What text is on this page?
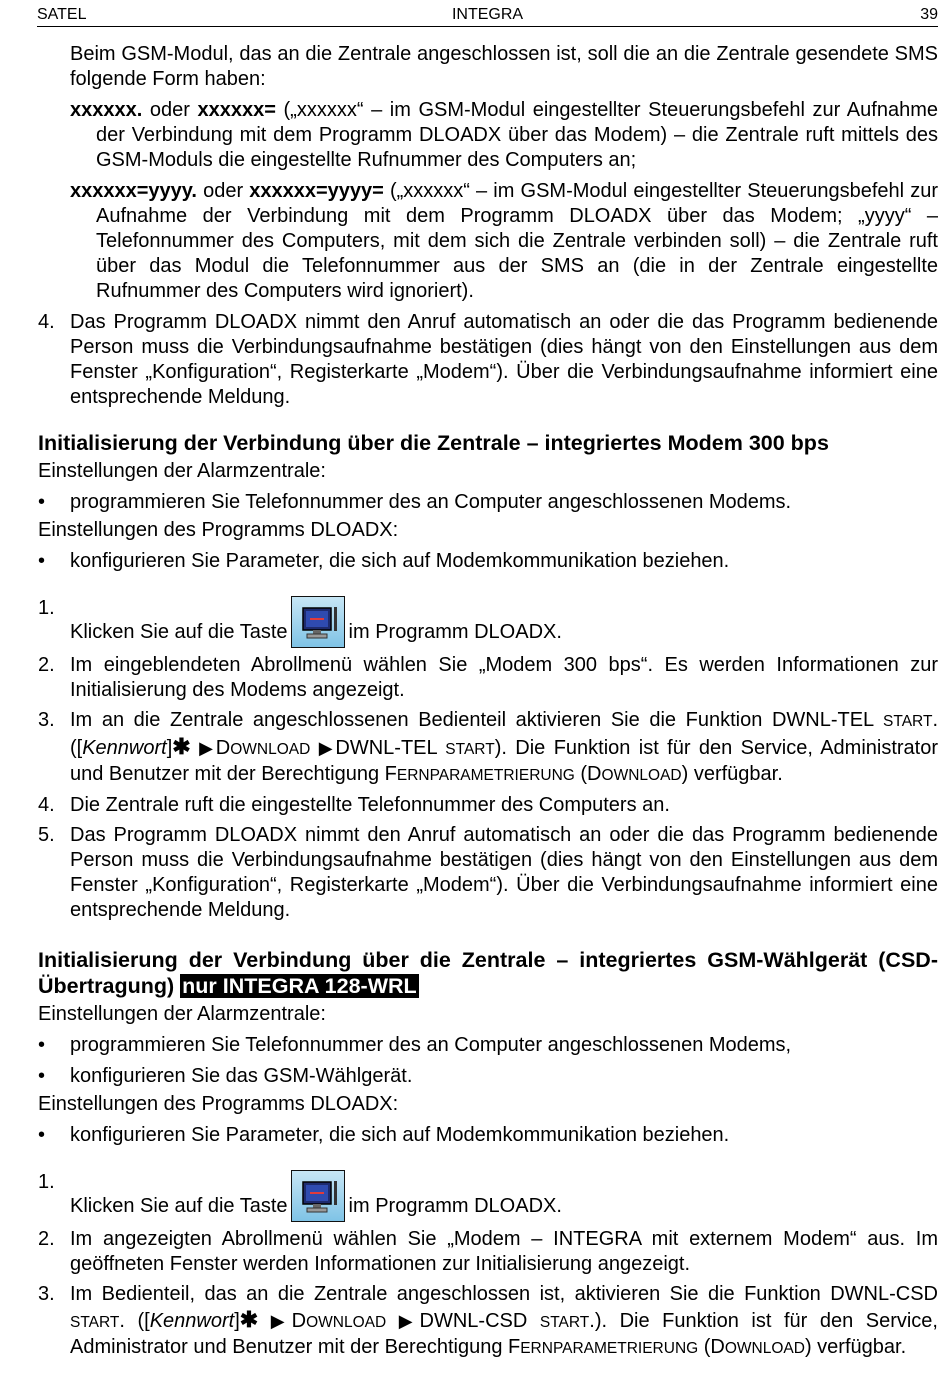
SATEL	INTEGRA	39

Beim GSM-Modul, das an die Zentrale angeschlossen ist, soll die an die Zentrale gesendete SMS folgende Form haben:

xxxxxx. oder xxxxxx= („xxxxxx“ – im GSM-Modul eingestellter Steuerungsbefehl zur Aufnahme der Verbindung mit dem Programm DLOADX über das Modem) – die Zentrale ruft mittels des GSM-Moduls die eingestellte Rufnummer des Computers an;

xxxxxx=yyyy. oder xxxxxx=yyyy= („xxxxxx“ – im GSM-Modul eingestellter Steuerungsbefehl zur Aufnahme der Verbindung mit dem Programm DLOADX über das Modem; „yyyy“ – Telefonnummer des Computers, mit dem sich die Zentrale verbinden soll) – die Zentrale ruft über das Modul die Telefonnummer aus der SMS an (die in der Zentrale eingestellte Rufnummer des Computers wird ignoriert).

4. Das Programm DLOADX nimmt den Anruf automatisch an oder die das Programm bedienende Person muss die Verbindungsaufnahme bestätigen (dies hängt von den Einstellungen aus dem Fenster „Konfiguration“, Registerkarte „Modem“). Über die Verbindungsaufnahme informiert eine entsprechende Meldung.
Initialisierung der Verbindung über die Zentrale – integriertes Modem 300 bps

Einstellungen der Alarmzentrale:

•	programmieren Sie Telefonnummer des an Computer angeschlossenen Modems.

Einstellungen des Programms DLOADX:

•	konfigurieren Sie Parameter, die sich auf Modemkommunikation beziehen.
1.
Klicken Sie auf die Taste	im Programm DLOADX.
2. Im eingeblendeten Abrollmenü wählen Sie „Modem 300 bps“. Es werden Informationen zur Initialisierung des Modems angezeigt.
3. Im an die Zentrale angeschlossenen Bedienteil aktivieren Sie die Funktion DWNL-TEL START. ([Kennwort]✱ ▶DOWNLOAD ▶DWNL-TEL START). Die Funktion ist für den Service, Administrator und Benutzer mit der Berechtigung FERNPARAMETRIERUNG (DOWNLOAD) verfügbar.
4. Die Zentrale ruft die eingestellte Telefonnummer des Computers an.
5. Das Programm DLOADX nimmt den Anruf automatisch an oder die das Programm bedienende Person muss die Verbindungsaufnahme bestätigen (dies hängt von den Einstellungen aus dem Fenster „Konfiguration“, Registerkarte „Modem“). Über die Verbindungsaufnahme informiert eine entsprechende Meldung.
Initialisierung der Verbindung über die Zentrale – integriertes GSM-Wählgerät (CSD-Übertragung) nur INTEGRA 128-WRL

Einstellungen der Alarmzentrale:

•	programmieren Sie Telefonnummer des an Computer angeschlossenen Modems,
•	konfigurieren Sie das GSM-Wählgerät.

Einstellungen des Programms DLOADX:

•	konfigurieren Sie Parameter, die sich auf Modemkommunikation beziehen.
1.
Klicken Sie auf die Taste	im Programm DLOADX.
2. Im angezeigten Abrollmenü wählen Sie „Modem – INTEGRA mit externem Modem“ aus. Im geöffneten Fenster werden Informationen zur Initialisierung angezeigt.
3. Im Bedienteil, das an die Zentrale angeschlossen ist, aktivieren Sie die Funktion DWNL-CSD START. ([Kennwort]✱ ▶DOWNLOAD ▶DWNL-CSD START.). Die Funktion ist für den Service, Administrator und Benutzer mit der Berechtigung FERNPARAMETRIERUNG (DOWNLOAD) verfügbar.
